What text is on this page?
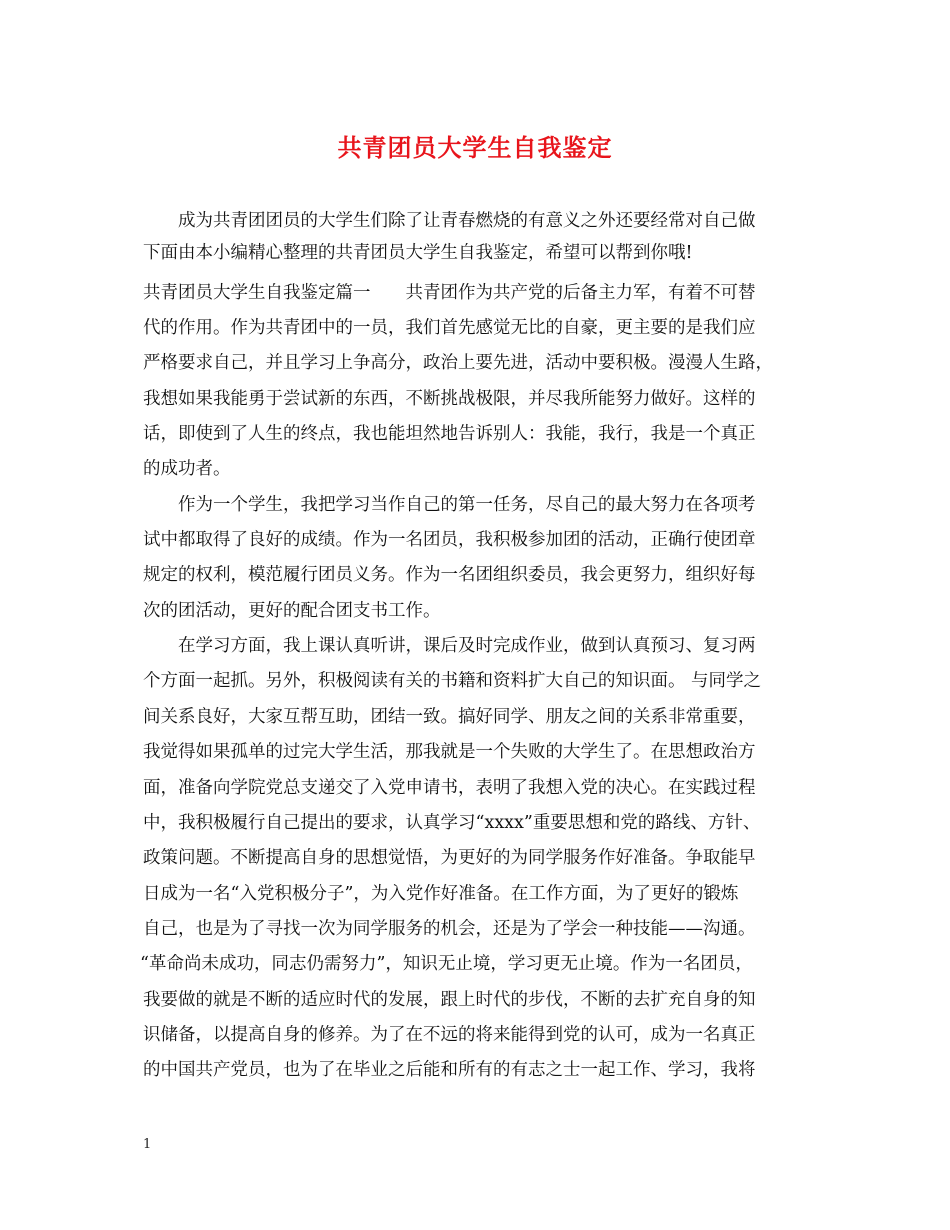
共青团员大学生自我鉴定
成为共青团团员的大学生们除了让青春燃烧的有意义之外还要经常对自己做
下面由本小编精心整理的共青团员大学生自我鉴定，希望可以帮到你哦!
共青团员大学生自我鉴定篇一　　共青团作为共产党的后备主力军，有着不可替
代的作用。作为共青团中的一员，我们首先感觉无比的自豪，更主要的是我们应
严格要求自己，并且学习上争高分，政治上要先进，活动中要积极。漫漫人生路，
我想如果我能勇于尝试新的东西，不断挑战极限，并尽我所能努力做好。这样的
话，即使到了人生的终点，我也能坦然地告诉别人：我能，我行，我是一个真正
的成功者。
作为一个学生，我把学习当作自己的第一任务，尽自己的最大努力在各项考
试中都取得了良好的成绩。作为一名团员，我积极参加团的活动，正确行使团章
规定的权利，模范履行团员义务。作为一名团组织委员，我会更努力，组织好每
次的团活动，更好的配合团支书工作。
在学习方面，我上课认真听讲，课后及时完成作业，做到认真预习、复习两
个方面一起抓。另外，积极阅读有关的书籍和资料扩大自己的知识面。 与同学之
间关系良好，大家互帮互助，团结一致。搞好同学、朋友之间的关系非常重要，
我觉得如果孤单的过完大学生活，那我就是一个失败的大学生了。在思想政治方
面，准备向学院党总支递交了入党申请书，表明了我想入党的决心。在实践过程
中，我积极履行自己提出的要求，认真学习“xxxx”重要思想和党的路线、方针、
政策问题。不断提高自身的思想觉悟，为更好的为同学服务作好准备。争取能早
日成为一名“入党积极分子”，为入党作好准备。在工作方面，为了更好的锻炼
自己，也是为了寻找一次为同学服务的机会，还是为了学会一种技能——沟通。
“革命尚未成功，同志仍需努力”，知识无止境，学习更无止境。作为一名团员，
我要做的就是不断的适应时代的发展，跟上时代的步伐，不断的去扩充自身的知
识储备，以提高自身的修养。为了在不远的将来能得到党的认可，成为一名真正
的中国共产党员，也为了在毕业之后能和所有的有志之士一起工作、学习，我将
1
